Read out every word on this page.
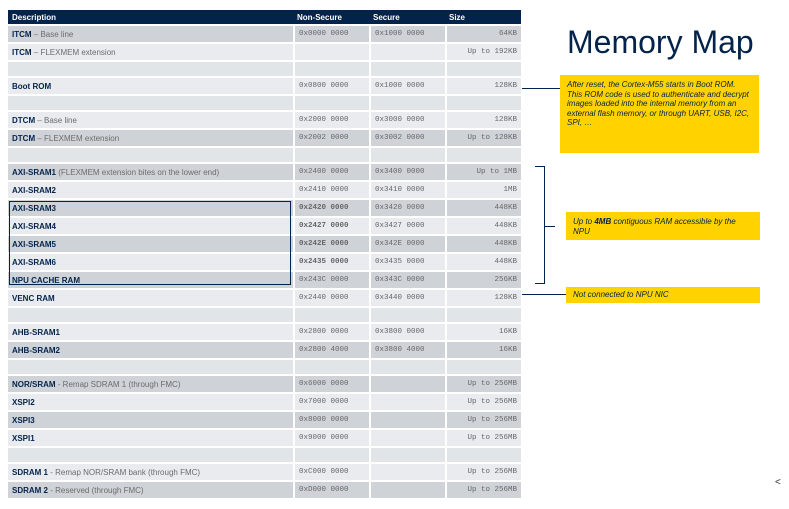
Description	Non-Secure	Secure	Size
ITCM – Base line	0x0000 0000	0x1000 0000	64KB
ITCM – FLEXMEM extension			Up to 192KB

Boot ROM	0x0800 0000	0x1000 0000	128KB

DTCM – Base line	0x2000 0000	0x3000 0000	128KB
DTCM – FLEXMEM extension	0x2002 0000	0x3002 0000	Up to 128KB

AXI-SRAM1 (FLEXMEM extension bites on the lower end)	0x2400 0000	0x3400 0000	Up to 1MB
AXI-SRAM2	0x2410 0000	0x3410 0000	1MB
AXI-SRAM3	0x2420 0000	0x3420 0000	448KB
AXI-SRAM4	0x2427 0000	0x3427 0000	448KB
AXI-SRAM5	0x242E 0000	0x342E 0000	448KB
AXI-SRAM6	0x2435 0000	0x3435 0000	448KB
NPU CACHE RAM	0x243C 0000	0x343C 0000	256KB
VENC RAM	0x2440 0000	0x3440 0000	128KB

AHB-SRAM1	0x2800 0000	0x3800 0000	16KB
AHB-SRAM2	0x2800 4000	0x3800 4000	16KB

NOR/SRAM - Remap SDRAM 1 (through FMC)	0x6000 0000		Up to 256MB
XSPI2	0x7000 0000		Up to 256MB
XSPI3	0x8000 0000		Up to 256MB
XSPI1	0x9000 0000		Up to 256MB

SDRAM 1 - Remap NOR/SRAM bank (through FMC)	0xC000 0000		Up to 256MB
SDRAM 2 - Reserved (through FMC)	0xD000 0000		Up to 256MB
Memory Map
After reset, the Cortex-M55 starts in Boot ROM. This ROM code is used to authenticate and decrypt images loaded into the internal memory from an external flash memory, or through UART, USB, I2C, SPI, …
Up to 4MB contiguous RAM accessible by the NPU
Not connected to NPU NIC
<
